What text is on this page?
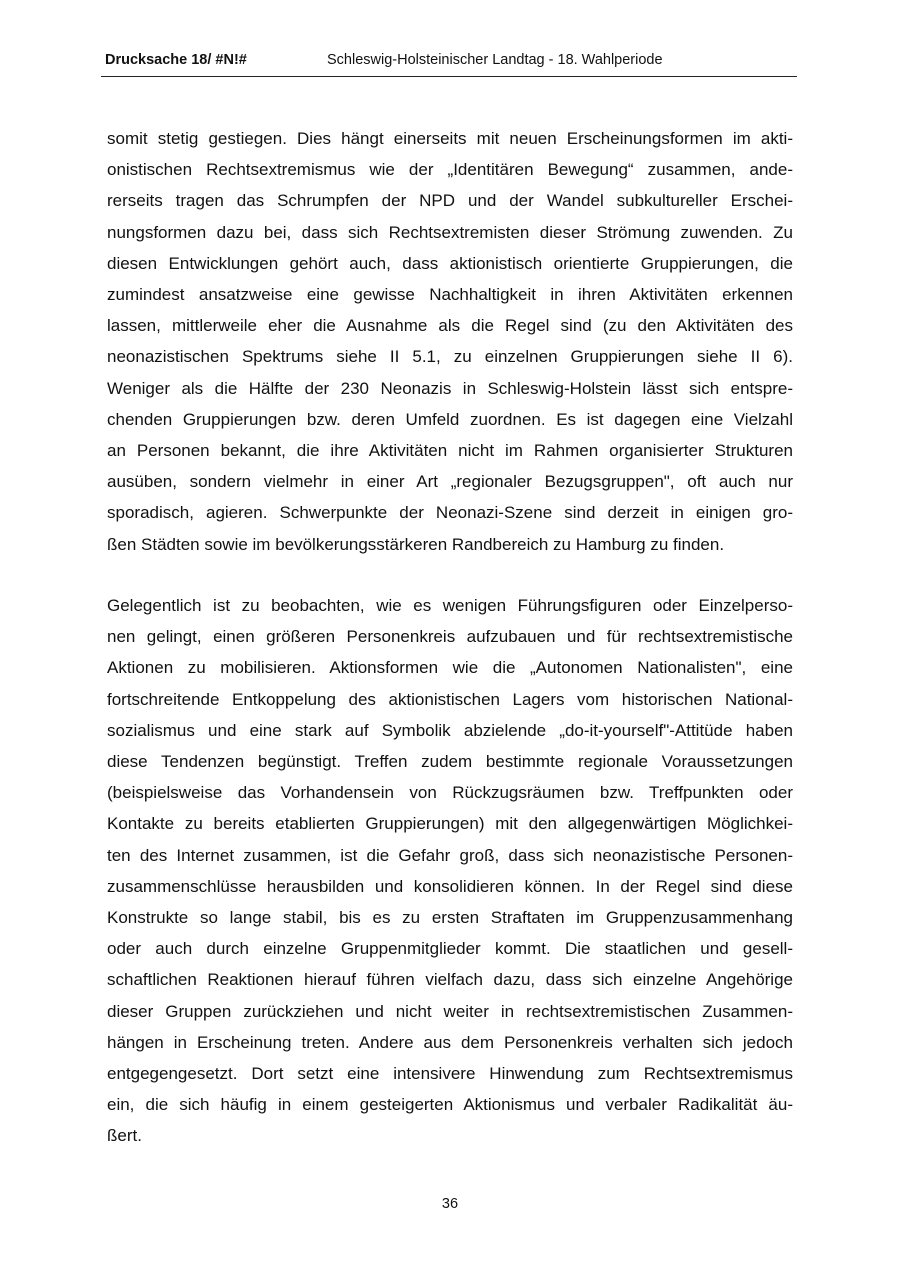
Drucksache 18/ #N!#	Schleswig-Holsteinischer Landtag - 18. Wahlperiode
somit stetig gestiegen. Dies hängt einerseits mit neuen Erscheinungsformen im akti-
onistischen Rechtsextremismus wie der „Identitären Bewegung“ zusammen, ande-
rerseits tragen das Schrumpfen der NPD und der Wandel subkultureller Erschei-
nungsformen dazu bei, dass sich Rechtsextremisten dieser Strömung zuwenden. Zu
diesen Entwicklungen gehört auch, dass aktionistisch orientierte Gruppierungen, die
zumindest ansatzweise eine gewisse Nachhaltigkeit in ihren Aktivitäten erkennen
lassen, mittlerweile eher die Ausnahme als die Regel sind (zu den Aktivitäten des
neonazistischen Spektrums siehe II 5.1, zu einzelnen Gruppierungen siehe II 6).
Weniger als die Hälfte der 230 Neonazis in Schleswig-Holstein lässt sich entspre-
chenden Gruppierungen bzw. deren Umfeld zuordnen. Es ist dagegen eine Vielzahl
an Personen bekannt, die ihre Aktivitäten nicht im Rahmen organisierter Strukturen
ausüben, sondern vielmehr in einer Art „regionaler Bezugsgruppen", oft auch nur
sporadisch, agieren. Schwerpunkte der Neonazi-Szene sind derzeit in einigen gro-
ßen Städten sowie im bevölkerungsstärkeren Randbereich zu Hamburg zu finden.
Gelegentlich ist zu beobachten, wie es wenigen Führungsfiguren oder Einzelperso-
nen gelingt, einen größeren Personenkreis aufzubauen und für rechtsextremistische
Aktionen zu mobilisieren. Aktionsformen wie die „Autonomen Nationalisten", eine
fortschreitende Entkoppelung des aktionistischen Lagers vom historischen National-
sozialismus und eine stark auf Symbolik abzielende „do-it-yourself"-Attitüde haben
diese Tendenzen begünstigt. Treffen zudem bestimmte regionale Voraussetzungen
(beispielsweise das Vorhandensein von Rückzugsräumen bzw. Treffpunkten oder
Kontakte zu bereits etablierten Gruppierungen) mit den allgegenwärtigen Möglichkei-
ten des Internet zusammen, ist die Gefahr groß, dass sich neonazistische Personen-
zusammenschlüsse herausbilden und konsolidieren können. In der Regel sind diese
Konstrukte so lange stabil, bis es zu ersten Straftaten im Gruppenzusammenhang
oder auch durch einzelne Gruppenmitglieder kommt. Die staatlichen und gesell-
schaftlichen Reaktionen hierauf führen vielfach dazu, dass sich einzelne Angehörige
dieser Gruppen zurückziehen und nicht weiter in rechtsextremistischen Zusammen-
hängen in Erscheinung treten. Andere aus dem Personenkreis verhalten sich jedoch
entgegengesetzt. Dort setzt eine intensivere Hinwendung zum Rechtsextremismus
ein, die sich häufig in einem gesteigerten Aktionismus und verbaler Radikalität äu-
ßert.
36
